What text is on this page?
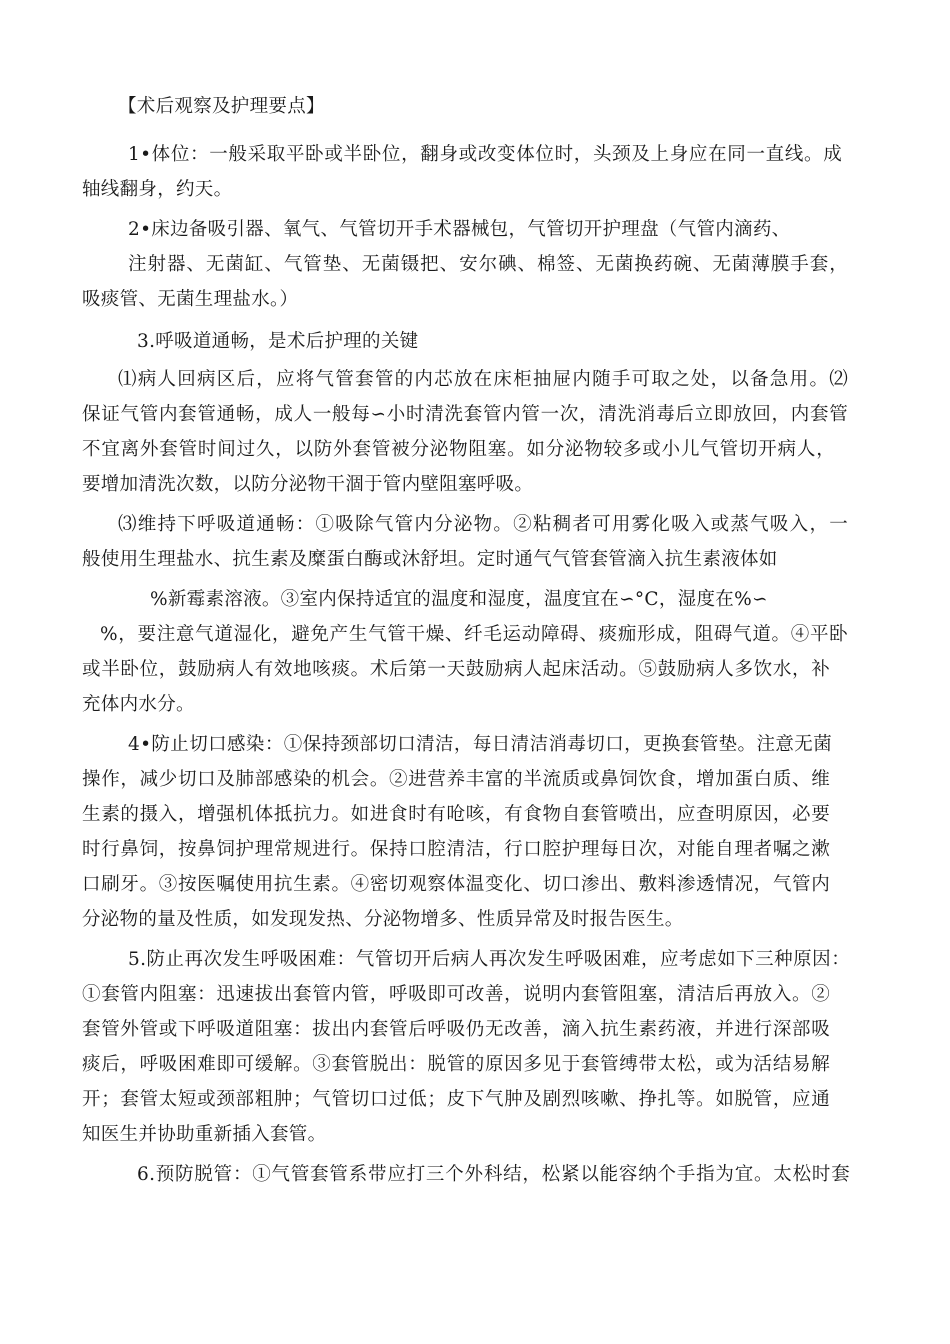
【术后观察及护理要点】
1•体位：一般采取平卧或半卧位，翻身或改变体位时，头颈及上身应在同一直线。成
轴线翻身，约天。
2•床边备吸引器、氧气、气管切开手术器械包，气管切开护理盘（气管内滴药、
注射器、无菌缸、气管垫、无菌镊把、安尔碘、棉签、无菌换药碗、无菌薄膜手套，
吸痰管、无菌生理盐水。）
3.呼吸道通畅，是术后护理的关键
⑴病人回病区后，应将气管套管的内芯放在床柜抽屉内随手可取之处，以备急用。⑵
保证气管内套管通畅，成人一般每∽小时清洗套管内管一次，清洗消毒后立即放回，内套管
不宜离外套管时间过久，以防外套管被分泌物阻塞。如分泌物较多或小儿气管切开病人，
要增加清洗次数，以防分泌物干涸于管内壁阻塞呼吸。
⑶维持下呼吸道通畅：①吸除气管内分泌物。②粘稠者可用雾化吸入或蒸气吸入，一
般使用生理盐水、抗生素及糜蛋白酶或沐舒坦。定时通气气管套管滴入抗生素液体如
%新霉素溶液。③室内保持适宜的温度和湿度，温度宜在∽°C，湿度在%∽
%，要注意气道湿化，避免产生气管干燥、纤毛运动障碍、痰痂形成，阻碍气道。④平卧
或半卧位，鼓励病人有效地咳痰。术后第一天鼓励病人起床活动。⑤鼓励病人多饮水，补
充体内水分。
4•防止切口感染：①保持颈部切口清洁，每日清洁消毒切口，更换套管垫。注意无菌
操作，减少切口及肺部感染的机会。②进营养丰富的半流质或鼻饲饮食，增加蛋白质、维
生素的摄入，增强机体抵抗力。如进食时有呛咳，有食物自套管喷出，应查明原因，必要
时行鼻饲，按鼻饲护理常规进行。保持口腔清洁，行口腔护理每日次，对能自理者嘱之漱
口刷牙。③按医嘱使用抗生素。④密切观察体温变化、切口渗出、敷料渗透情况，气管内
分泌物的量及性质，如发现发热、分泌物增多、性质异常及时报告医生。
5.防止再次发生呼吸困难：气管切开后病人再次发生呼吸困难，应考虑如下三种原因：
①套管内阻塞：迅速拔出套管内管，呼吸即可改善，说明内套管阻塞，清洁后再放入。②
套管外管或下呼吸道阻塞：拔出内套管后呼吸仍无改善，滴入抗生素药液，并进行深部吸
痰后，呼吸困难即可缓解。③套管脱出：脱管的原因多见于套管缚带太松，或为活结易解
开；套管太短或颈部粗肿；气管切口过低；皮下气肿及剧烈咳嗽、挣扎等。如脱管，应通
知医生并协助重新插入套管。
6.预防脱管：①气管套管系带应打三个外科结，松紧以能容纳个手指为宜。太松时套
